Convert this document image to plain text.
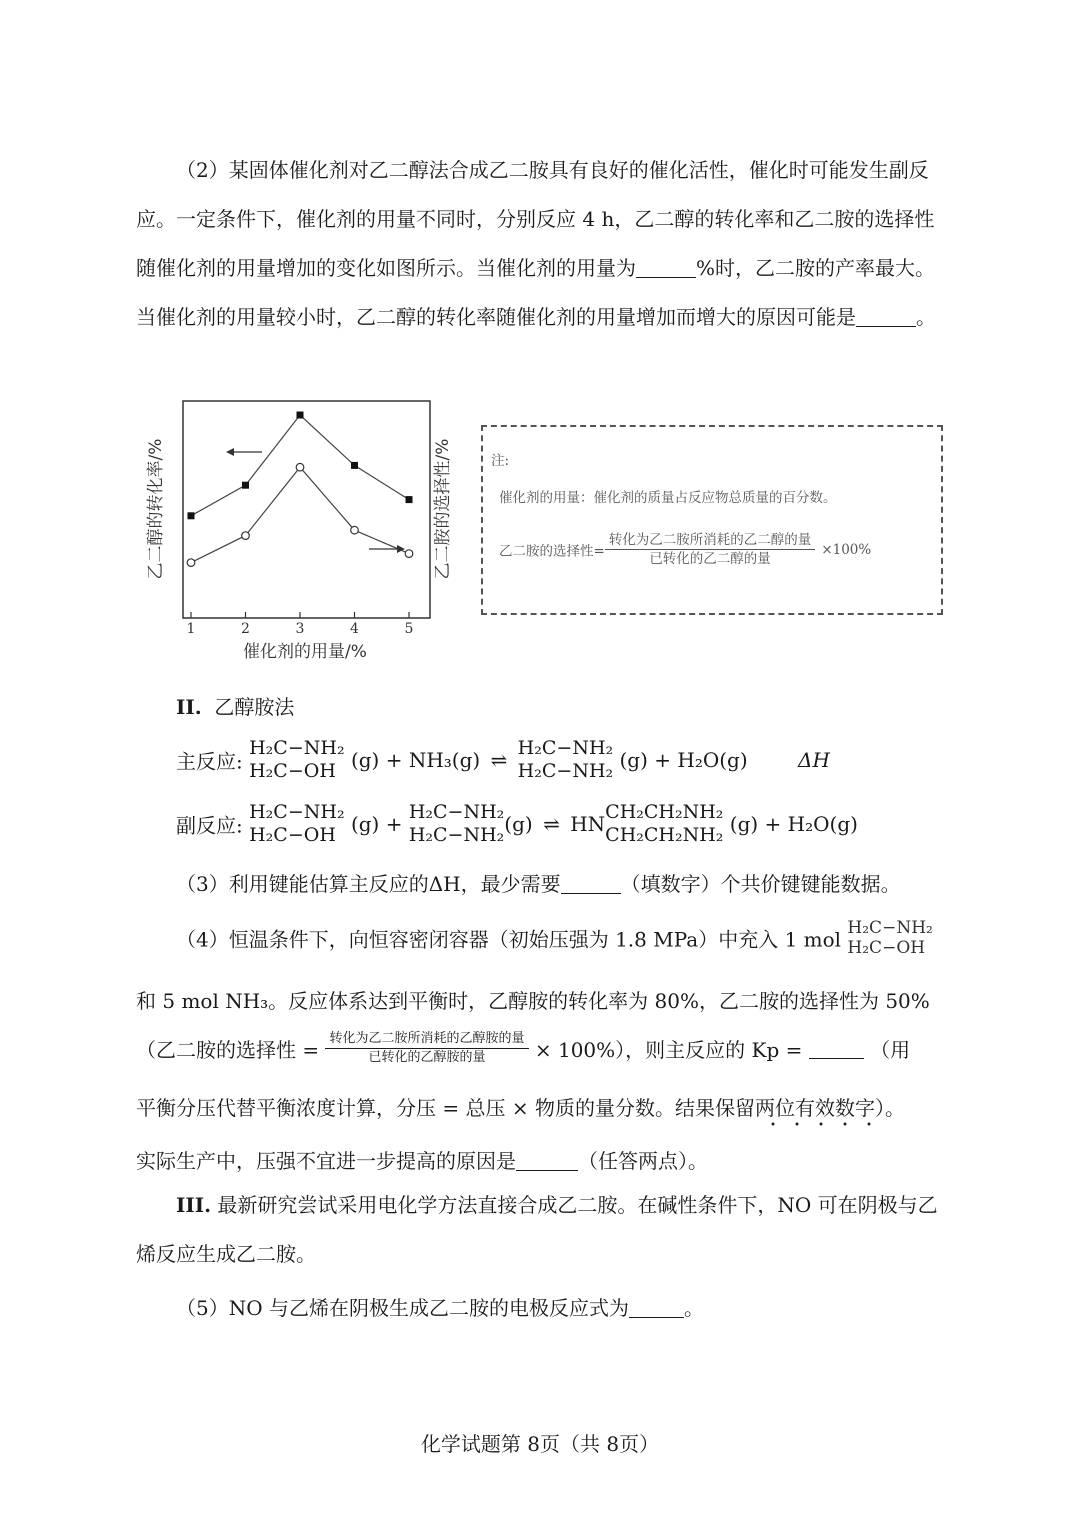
（2）某固体催化剂对乙二醇法合成乙二胺具有良好的催化活性，催化时可能发生副反应。一定条件下，催化剂的用量不同时，分别反应 4 h，乙二醇的转化率和乙二胺的选择性随催化剂的用量增加的变化如图所示。当催化剂的用量为	%时，乙二胺的产率最大。当催化剂的用量较小时，乙二醇的转化率随催化剂的用量增加而增大的原因可能是	。

1	2	3	4	5
催化剂的用量/%
乙二醇的转化率/%	乙二胺的选择性/%	注:
催化剂的用量：催化剂的质量占反应物总质量的百分数。
乙二胺的选择性= $\frac{\text{转化为乙二胺所消耗的乙二醇的量}}{\text{已转化的乙二醇的量}} \times 100\%$
II. 乙醇胺法
主反应:
H₂C−NH₂
H₂C−OH (g) + NH₃(g) ⇌ H₂C−NH₂
H₂C−NH₂ (g) + H₂O(g)	ΔH
副反应:
H₂C−NH₂
H₂C−OH (g) + H₂C−NH₂
H₂C−NH₂ (g) ⇌ HN CH₂CH₂NH₂
CH₂CH₂NH₂ (g) + H₂O(g)
（3）利用键能估算主反应的ΔH，最少需要	（填数字）个共价键键能数据。
（4）恒温条件下，向恒容密闭容器（初始压强为 1.8 MPa）中充入 1 mol H₂C−NH₂
H₂C−OH
和 5 mol NH₃。反应体系达到平衡时，乙醇胺的转化率为 80%，乙二胺的选择性为 50%
（乙二胺的选择性 = $\frac{\text{转化为乙二胺所消耗的乙醇胺的量}}{\text{已转化的乙醇胺的量}} \times 100\%$），则主反应的 Kp =	（用
平衡分压代替平衡浓度计算，分压 = 总压 × 物质的量分数。结果保留两位有效数字）。
实际生产中，压强不宜进一步提高的原因是	（任答两点）。

III. 最新研究尝试采用电化学方法直接合成乙二胺。在碱性条件下，NO 可在阴极与乙烯反应生成乙二胺。

（5）NO 与乙烯在阴极生成乙二胺的电极反应式为	。
化学试题第 8页（共 8页）
